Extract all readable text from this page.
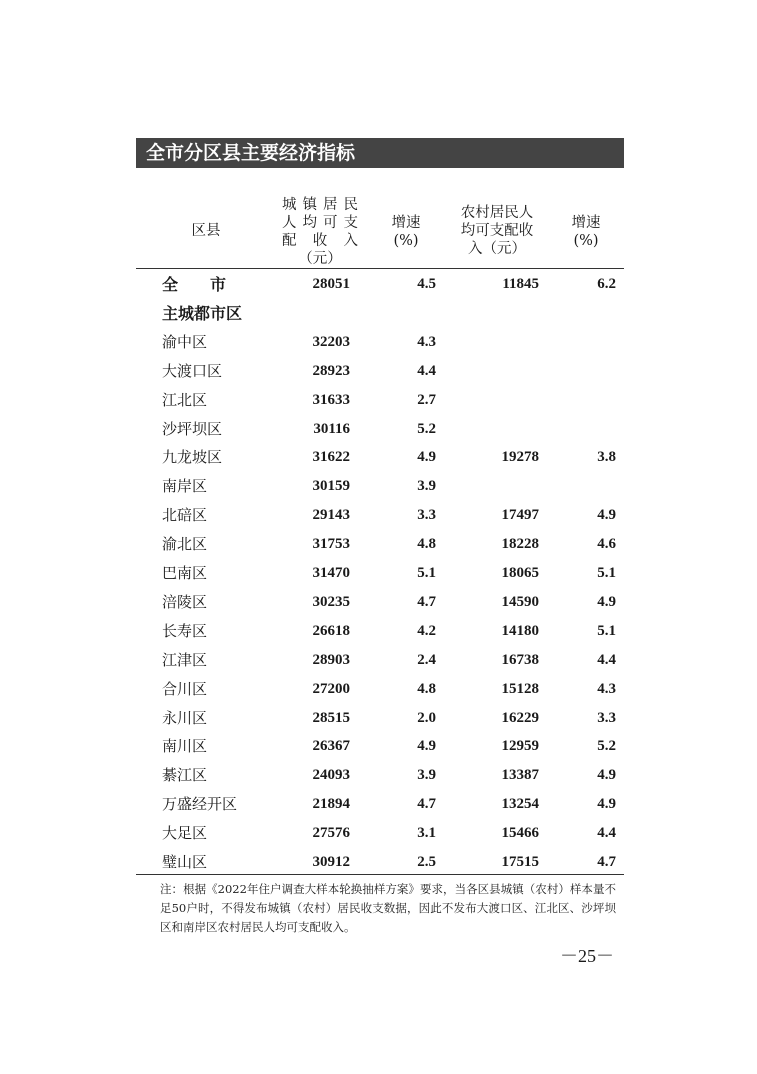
全市分区县主要经济指标
区县
城 镇 居 民
人 均 可 支
配 收 入
（元）
增速
(%)
农村居民人
均可支配收
入（元）
增速
(%)
全　　市	28051	4.5	11845	6.2
主城都市区
渝中区	32203	4.3
大渡口区	28923	4.4
江北区	31633	2.7
沙坪坝区	30116	5.2
九龙坡区	31622	4.9	19278	3.8
南岸区	30159	3.9
北碚区	29143	3.3	17497	4.9
渝北区	31753	4.8	18228	4.6
巴南区	31470	5.1	18065	5.1
涪陵区	30235	4.7	14590	4.9
长寿区	26618	4.2	14180	5.1
江津区	28903	2.4	16738	4.4
合川区	27200	4.8	15128	4.3
永川区	28515	2.0	16229	3.3
南川区	26367	4.9	12959	5.2
綦江区	24093	3.9	13387	4.9
万盛经开区	21894	4.7	13254	4.9
大足区	27576	3.1	15466	4.4
璧山区	30912	2.5	17515	4.7
注：根据《2022年住户调查大样本轮换抽样方案》要求，当各区县城镇（农村）样本量不足50户时，不得发布城镇（农村）居民收支数据，因此不发布大渡口区、江北区、沙坪坝区和南岸区农村居民人均可支配收入。
－25－
